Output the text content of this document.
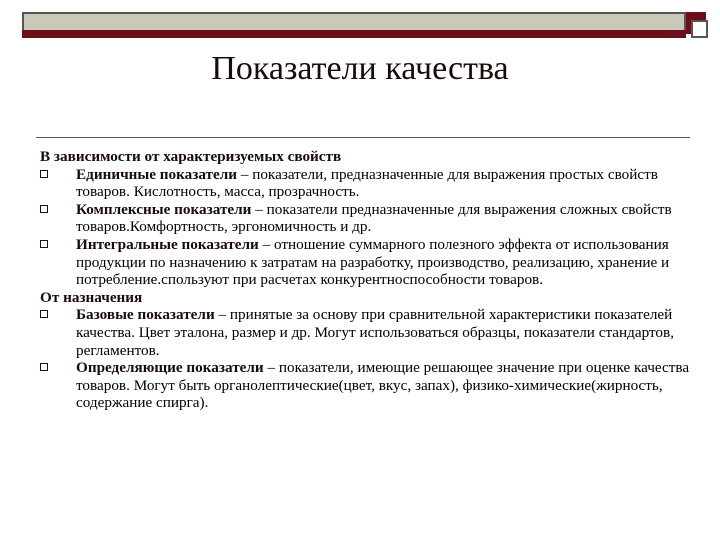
Показатели качества
В зависимости от характеризуемых свойств
Единичные показатели – показатели, предназначенные для выражения простых свойств товаров. Кислотность, масса, прозрачность.
Комплексные показатели – показатели предназначенные для выражения сложных свойств товаров.Комфортность, эргономичность и др.
Интегральные показатели – отношение суммарного полезного эффекта от использования продукции по назначению к затратам на разработку, производство, реализацию, хранение и потребление.спользуют при расчетах конкурентноспособности товаров.
От назначения
Базовые показатели – принятые за основу при сравнительной характеристики показателей качества. Цвет эталона, размер и др. Могут использоваться образцы, показатели стандартов, регламентов.
Определяющие показатели – показатели, имеющие решающее значение при оценке качества товаров. Могут быть органолептические(цвет, вкус, запах), физико-химические(жирность, содержание спирга).
